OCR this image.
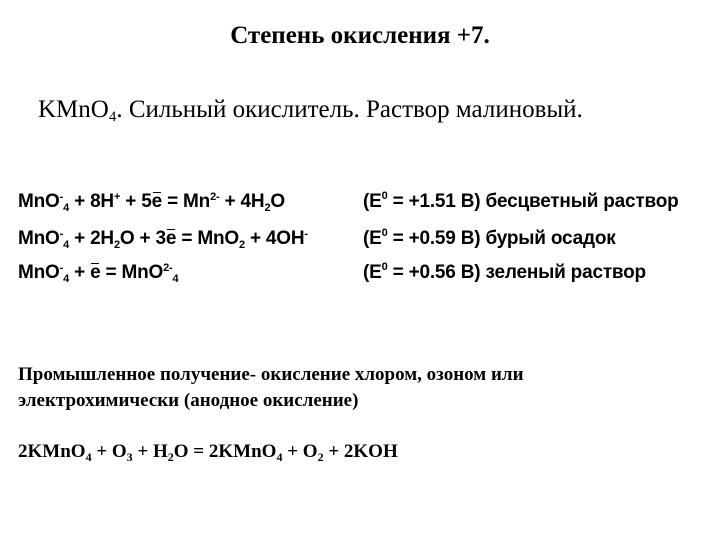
Степень окисления +7.
KMnO$_4$. Сильный окислитель. Раствор малиновый.
$MnO^-_4 + 8H^+ + 5e = Mn^{2-} + 4H_2O$	($E^0 = +1.51$ B) бесцветный раствор
$MnO^-_4 + 2H_2O + 3e = MnO_2 + 4OH^-$	($E^0 = +0.59$ B) бурый осадок
MnO-$_4$ + e = MnO$^{2-}_4$	($E^0 = +0.56$ B) зеленый раствор
Промышленное получение- окисление хлором, озоном или
электрохимически (анодное окисление)
2KMnO$_4$ + $O_3 + H_2O$ = 2KMnO$_4$ + $O_2 + 2KOH$
